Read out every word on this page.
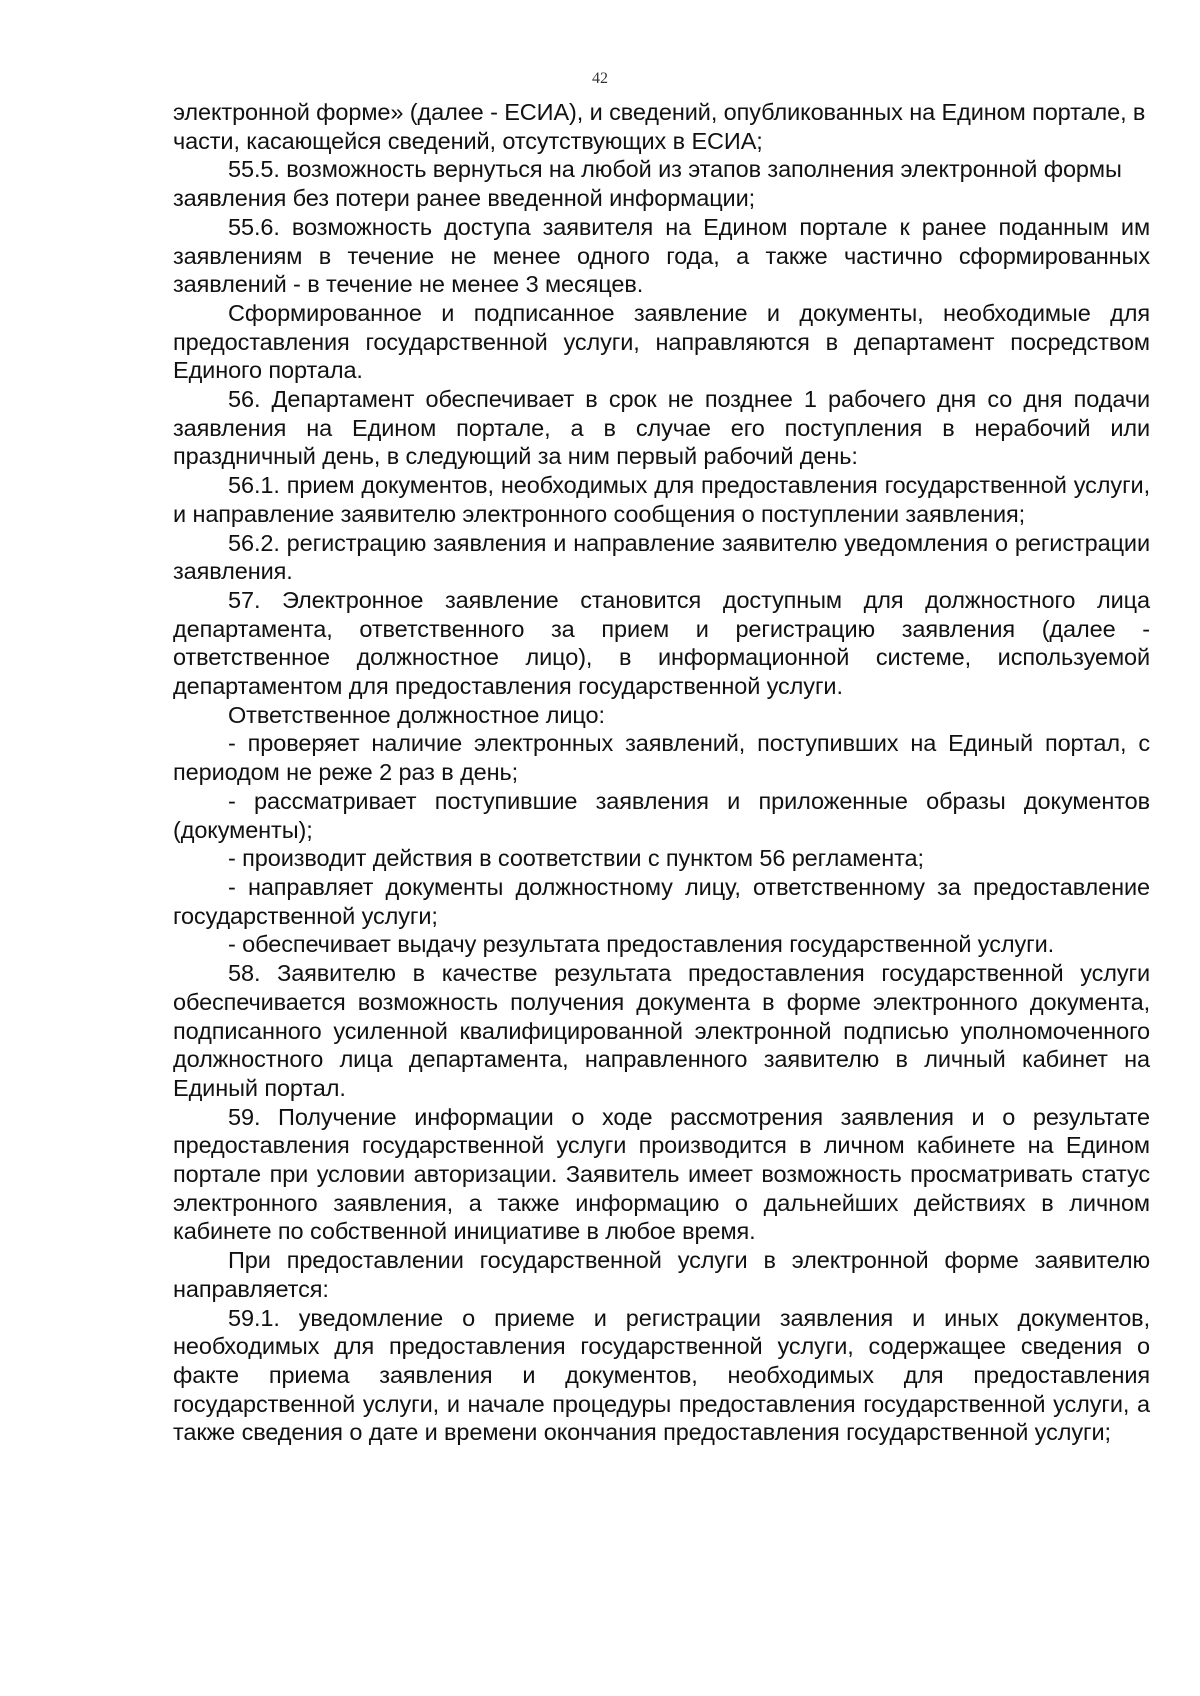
42

электронной форме» (далее - ЕСИА), и сведений, опубликованных на Едином портале, в части, касающейся сведений, отсутствующих в ЕСИА;

55.5. возможность вернуться на любой из этапов заполнения электронной формы заявления без потери ранее введенной информации;

55.6. возможность доступа заявителя на Едином портале к ранее поданным им заявлениям в течение не менее одного года, а также частично сформированных заявлений - в течение не менее 3 месяцев.

Сформированное и подписанное заявление и документы, необходимые для предоставления государственной услуги, направляются в департамент посредством Единого портала.

56. Департамент обеспечивает в срок не позднее 1 рабочего дня со дня подачи заявления на Едином портале, а в случае его поступления в нерабочий или праздничный день, в следующий за ним первый рабочий день:

56.1. прием документов, необходимых для предоставления государственной услуги, и направление заявителю электронного сообщения о поступлении заявления;

56.2. регистрацию заявления и направление заявителю уведомления о регистрации заявления.

57. Электронное заявление становится доступным для должностного лица департамента, ответственного за прием и регистрацию заявления (далее - ответственное должностное лицо), в информационной системе, используемой департаментом для предоставления государственной услуги.

Ответственное должностное лицо:

- проверяет наличие электронных заявлений, поступивших на Единый портал, с периодом не реже 2 раз в день;

- рассматривает поступившие заявления и приложенные образы документов (документы);

- производит действия в соответствии с пунктом 56 регламента;

- направляет документы должностному лицу, ответственному за предоставление государственной услуги;

- обеспечивает выдачу результата предоставления государственной услуги.

58. Заявителю в качестве результата предоставления государственной услуги обеспечивается возможность получения документа в форме электронного документа, подписанного усиленной квалифицированной электронной подписью уполномоченного должностного лица департамента, направленного заявителю в личный кабинет на Единый портал.

59. Получение информации о ходе рассмотрения заявления и о результате предоставления государственной услуги производится в личном кабинете на Едином портале при условии авторизации. Заявитель имеет возможность просматривать статус электронного заявления, а также информацию о дальнейших действиях в личном кабинете по собственной инициативе в любое время.

При предоставлении государственной услуги в электронной форме заявителю направляется:

59.1. уведомление о приеме и регистрации заявления и иных документов, необходимых для предоставления государственной услуги, содержащее сведения о факте приема заявления и документов, необходимых для предоставления государственной услуги, и начале процедуры предоставления государственной услуги, а также сведения о дате и времени окончания предоставления государственной услуги;
